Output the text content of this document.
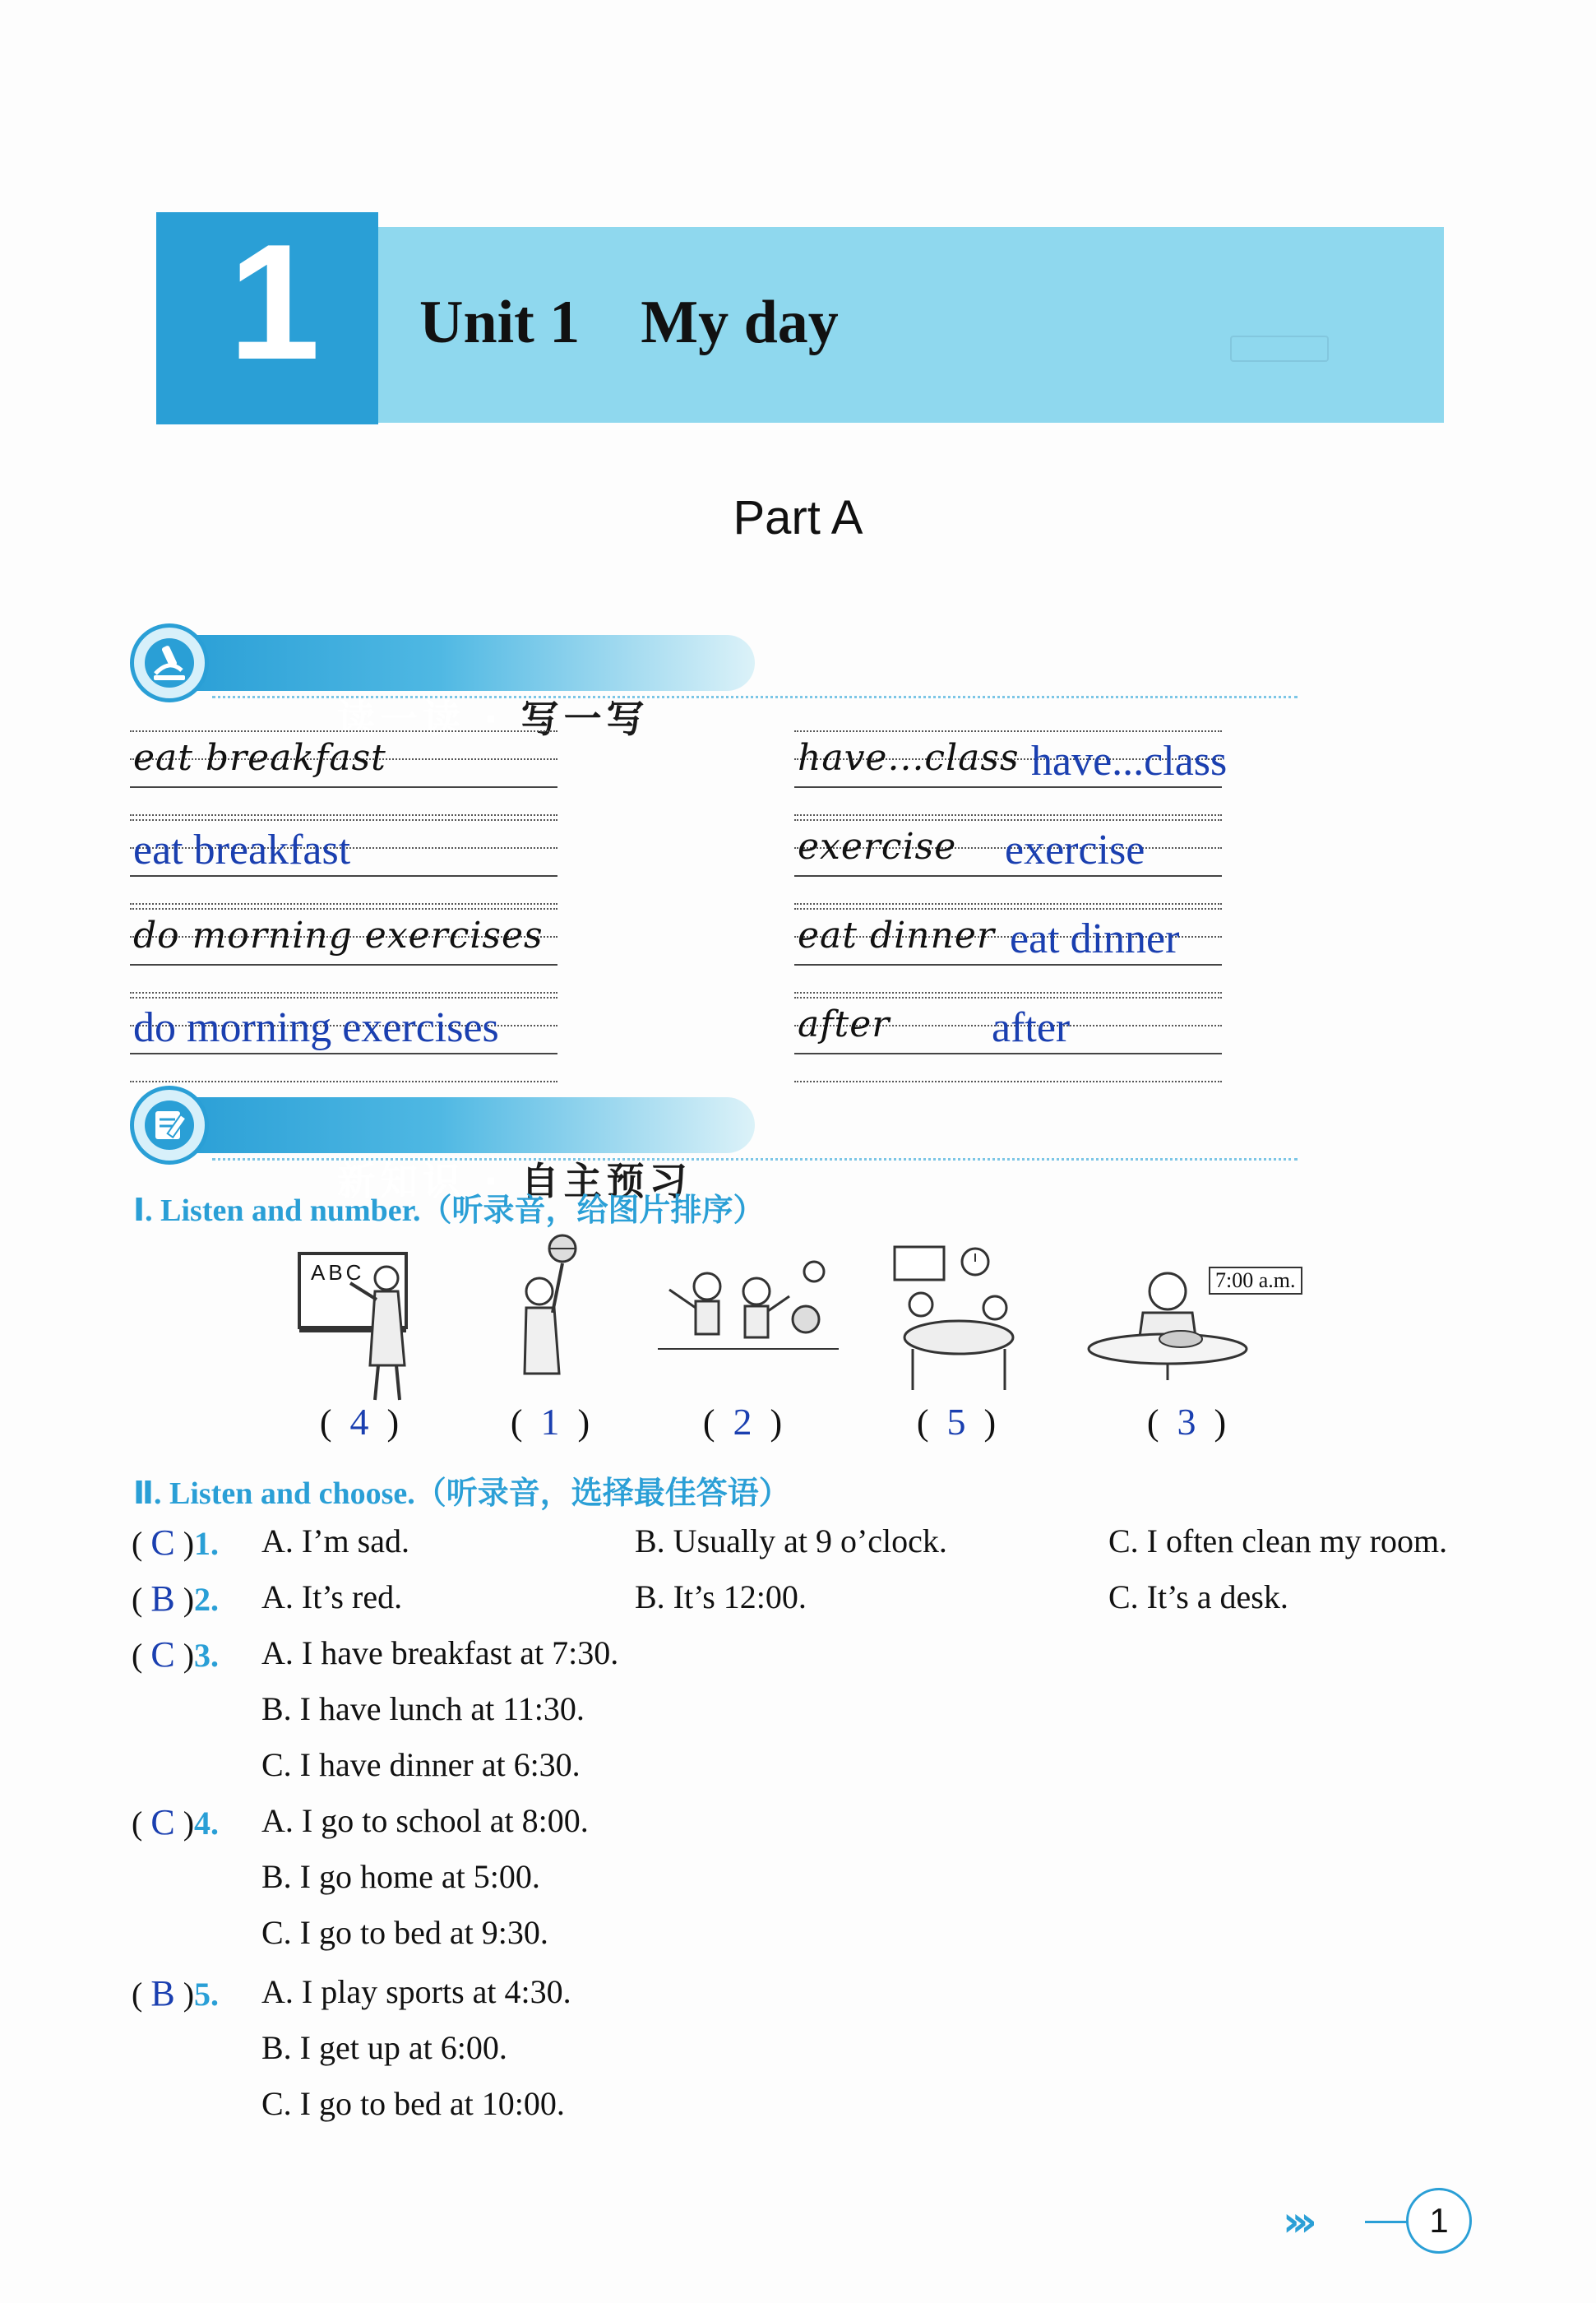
1 Unit 1    My day
Part A

读一读 · 写一写

eat breakfast
eat breakfast
do morning exercises
do morning exercises
have...class have...class
exercise exercise
eat dinner eat dinner
after after

新知识 · 自主预习

Ⅰ. Listen and number.（听录音，给图片排序）
ABC	7:00 a.m.
(  4  )	(  1  )	(  2  )	(  5  )	(  3  )
Ⅱ. Listen and choose.（听录音，选择最佳答语）
( C )1. A. I’m sad.	B. Usually at 9 o’clock.	C. I often clean my room.
( B )2. A. It’s red.	B. It’s 12:00.	C. It’s a desk.
( C )3. A. I have breakfast at 7:30.
B. I have lunch at 11:30.
C. I have dinner at 6:30.
( C )4. A. I go to school at 8:00.
B. I go home at 5:00.
C. I go to bed at 9:30.
( B )5. A. I play sports at 4:30.
B. I get up at 6:00.
C. I go to bed at 10:00.
›››	1
